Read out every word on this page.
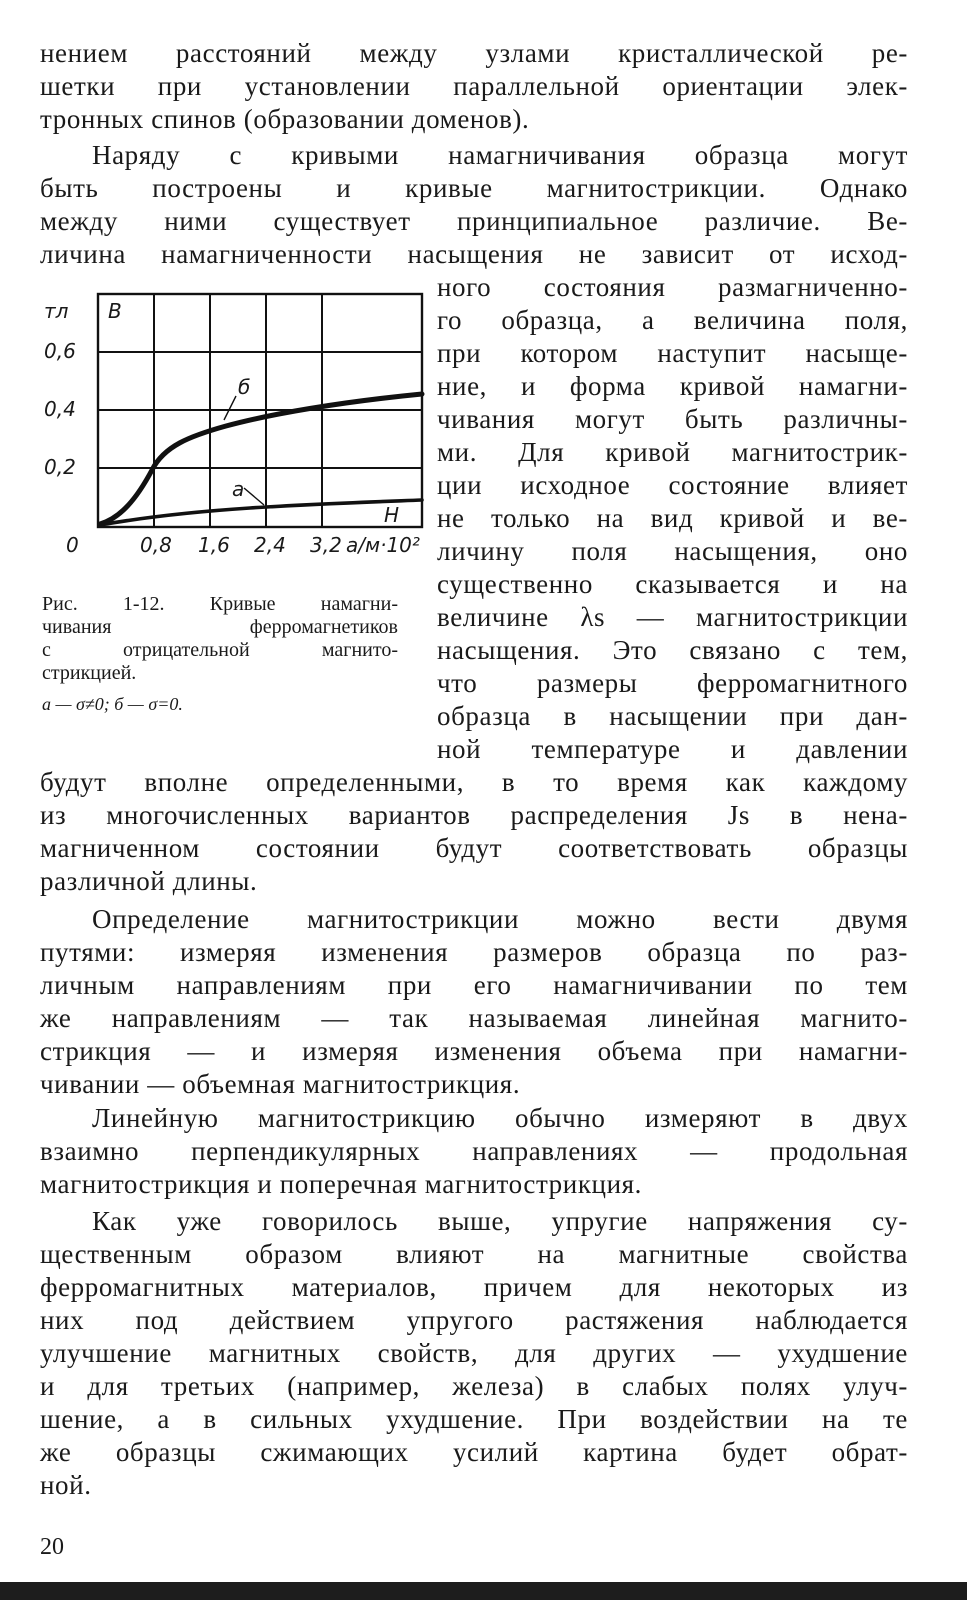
нением расстояний между узлами кристаллической ре-
шетки при установлении параллельной ориентации элек-
тронных спинов (образовании доменов).
Наряду с кривыми намагничивания образца могут
быть построены и кривые магнитострикции. Однако
между ними существует принципиальное различие. Ве-
личина намагниченности насыщения не зависит от исход-
ного состояния размагниченно-
го образца, а величина поля,
при котором наступит насыще-
ние, и форма кривой намагни-
чивания могут быть различны-
ми. Для кривой магнитострик-
ции исходное состояние влияет
не только на вид кривой и ве-
личину поля насыщения, оно
существенно сказывается и на
величине λs — магнитострикции
насыщения. Это связано с тем,
что размеры ферромагнитного
образца в насыщении при дан-
ной температуре и давлении
тл B
0,6
0,4
0,2
б
а
H
0	0,8 1,6 2,4 3,2 а/м·10²
Рис. 1-12. Кривые намагни-
чивания ферромагнетиков
с отрицательной магнито-
стрикцией.
а — σ≠0; б — σ=0.
будут вполне определенными, в то время как каждому
из многочисленных вариантов распределения Js в нена-
магниченном состоянии будут соответствовать образцы
различной длины.
Определение магнитострикции можно вести двумя
путями: измеряя изменения размеров образца по раз-
личным направлениям при его намагничивании по тем
же направлениям — так называемая линейная магнито-
стрикция — и измеряя изменения объема при намагни-
чивании — объемная магнитострикция.
Линейную магнитострикцию обычно измеряют в двух
взаимно перпендикулярных направлениях — продольная
магнитострикция и поперечная магнитострикция.
Как уже говорилось выше, упругие напряжения су-
щественным образом влияют на магнитные свойства
ферромагнитных материалов, причем для некоторых из
них под действием упругого растяжения наблюдается
улучшение магнитных свойств, для других — ухудшение
и для третьих (например, железа) в слабых полях улуч-
шение, а в сильных ухудшение. При воздействии на те
же образцы сжимающих усилий картина будет обрат-
ной.
20
